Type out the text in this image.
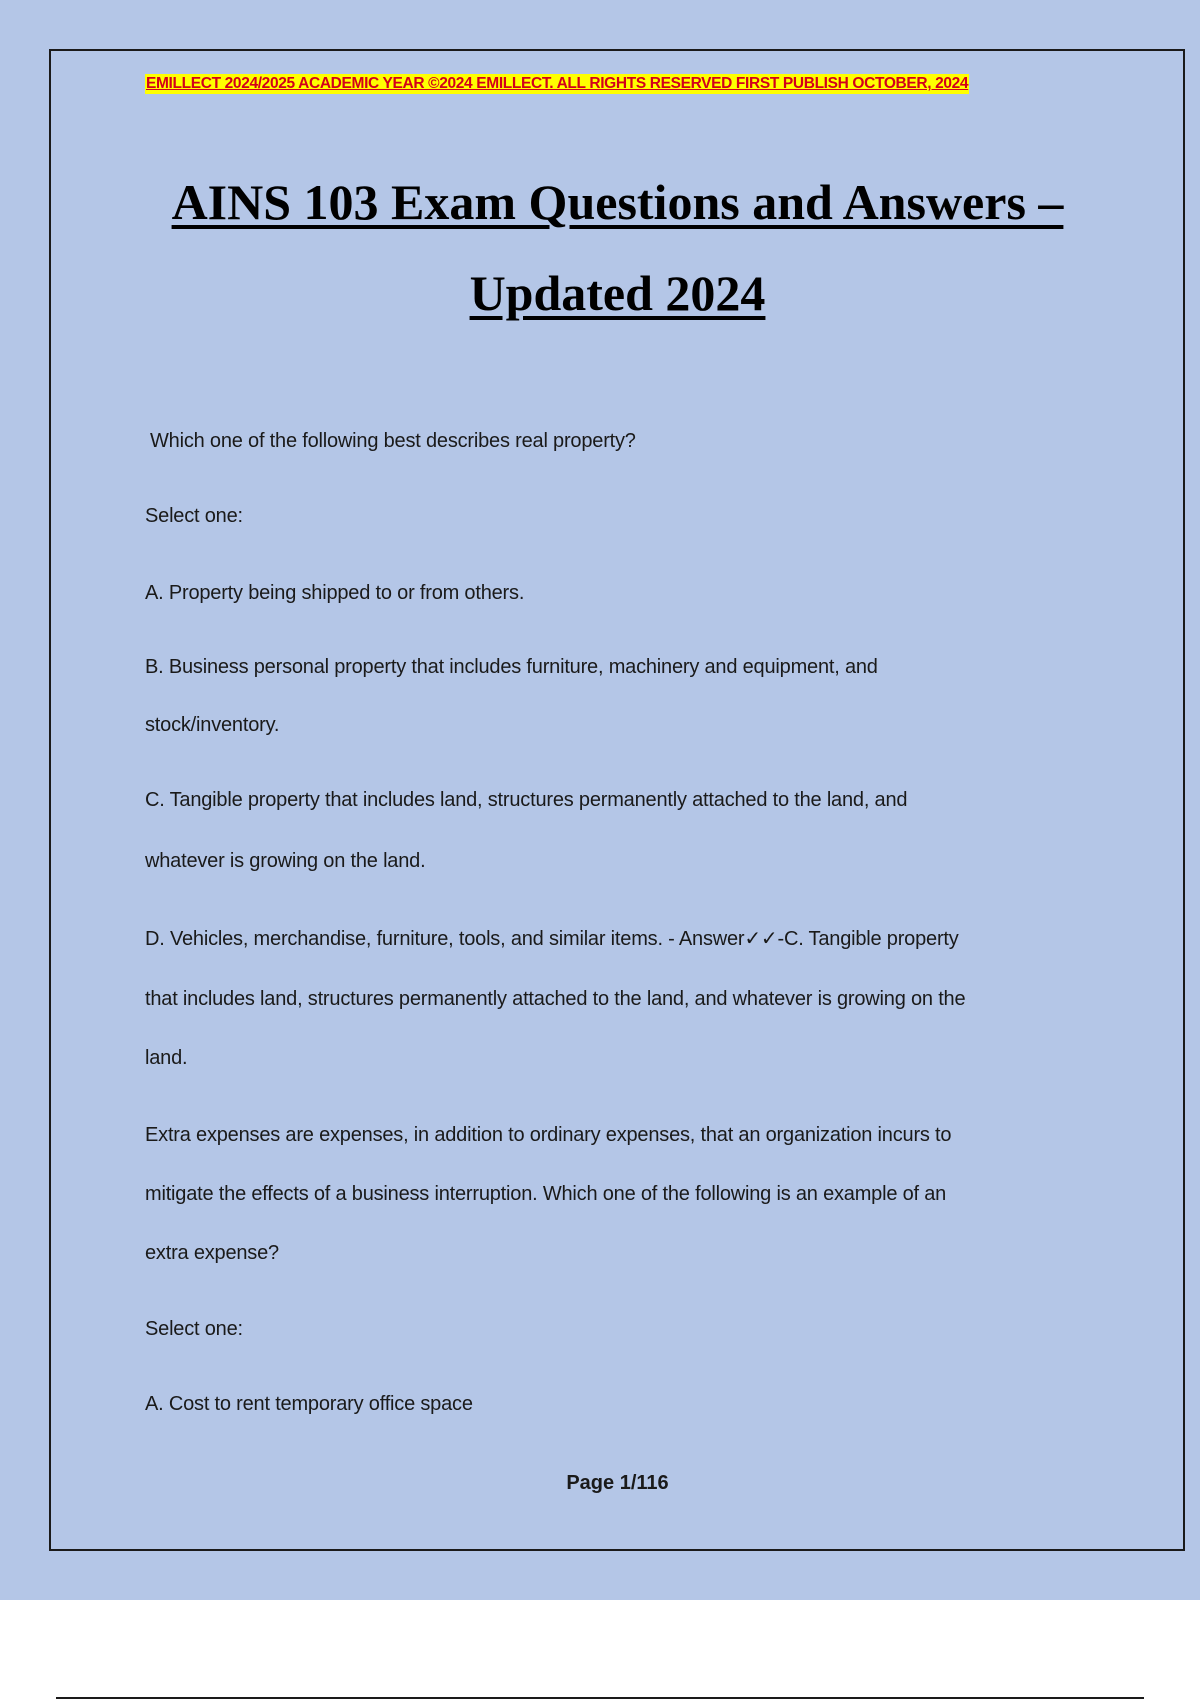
EMILLECT 2024/2025 ACADEMIC YEAR ©2024 EMILLECT. ALL RIGHTS RESERVED FIRST PUBLISH OCTOBER, 2024

AINS 103 Exam Questions and Answers –
Updated 2024

Which one of the following best describes real property?

Select one:

A. Property being shipped to or from others.

B. Business personal property that includes furniture, machinery and equipment, and

stock/inventory.

C. Tangible property that includes land, structures permanently attached to the land, and

whatever is growing on the land.

D. Vehicles, merchandise, furniture, tools, and similar items. - Answer✓✓-C. Tangible property

that includes land, structures permanently attached to the land, and whatever is growing on the

land.

Extra expenses are expenses, in addition to ordinary expenses, that an organization incurs to

mitigate the effects of a business interruption. Which one of the following is an example of an

extra expense?

Select one:

A. Cost to rent temporary office space

Page 1/116
